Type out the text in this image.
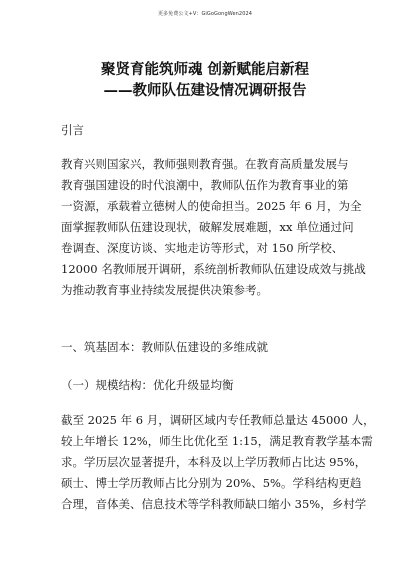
更多免费公文+V：GiGoGongWen2024
聚贤育能筑师魂 创新赋能启新程
——教师队伍建设情况调研报告
引言
教育兴则国家兴，教师强则教育强。在教育高质量发展与
教育强国建设的时代浪潮中，教师队伍作为教育事业的第
一资源，承载着立德树人的使命担当。2025 年 6 月，为全
面掌握教师队伍建设现状，破解发展难题，xx 单位通过问
卷调查、深度访谈、实地走访等形式，对 150 所学校、
12000 名教师展开调研，系统剖析教师队伍建设成效与挑战
为推动教育事业持续发展提供决策参考。
一、筑基固本：教师队伍建设的多维成就
（一）规模结构：优化升级显均衡
截至 2025 年 6 月，调研区域内专任教师总量达 45000 人，
较上年增长 12%，师生比优化至 1:15，满足教育教学基本需
求。学历层次显著提升，本科及以上学历教师占比达 95%，
硕士、博士学历教师占比分别为 20%、5%。学科结构更趋
合理，音体美、信息技术等学科教师缺口缩小 35%，乡村学
